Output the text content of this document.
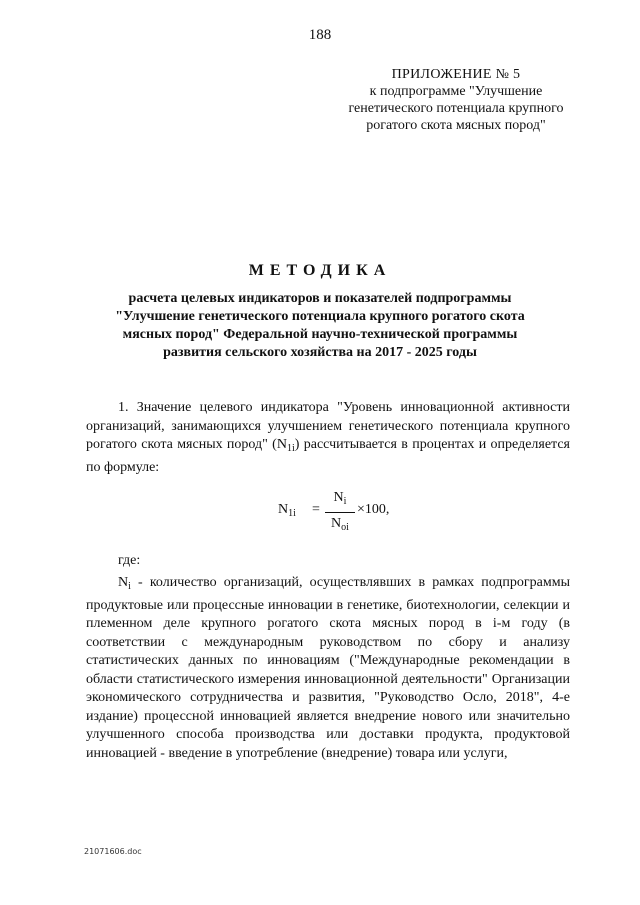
188
ПРИЛОЖЕНИЕ № 5
к подпрограмме "Улучшение
генетического потенциала крупного
рогатого скота мясных пород"
МЕТОДИКА
расчета целевых индикаторов и показателей подпрограммы "Улучшение генетического потенциала крупного рогатого скота мясных пород" Федеральной научно-технической программы развития сельского хозяйства на 2017 - 2025 годы

1. Значение целевого индикатора "Уровень инновационной активности организаций, занимающихся улучшением генетического потенциала крупного рогатого скота мясных пород" $(N_{1i})$ рассчитывается в процентах и определяется по формуле:

$N_{1i}$ =
$N_i$
$N_{oi}$
×100,
где:

$N_i$ - количество организаций, осуществлявших в рамках подпрограммы продуктовые или процессные инновации в генетике, биотехнологии, селекции и племенном деле крупного рогатого скота мясных пород в i-м году (в соответствии с международным руководством по сбору и анализу статистических данных по инновациям ("Международные рекомендации в области статистического измерения инновационной деятельности" Организации экономического сотрудничества и развития, "Руководство Осло, 2018", 4-е издание) процессной инновацией является внедрение нового или значительно улучшенного способа производства или доставки продукта, продуктовой инновацией - введение в употребление (внедрение) товара или услуги,

21071606.doc
